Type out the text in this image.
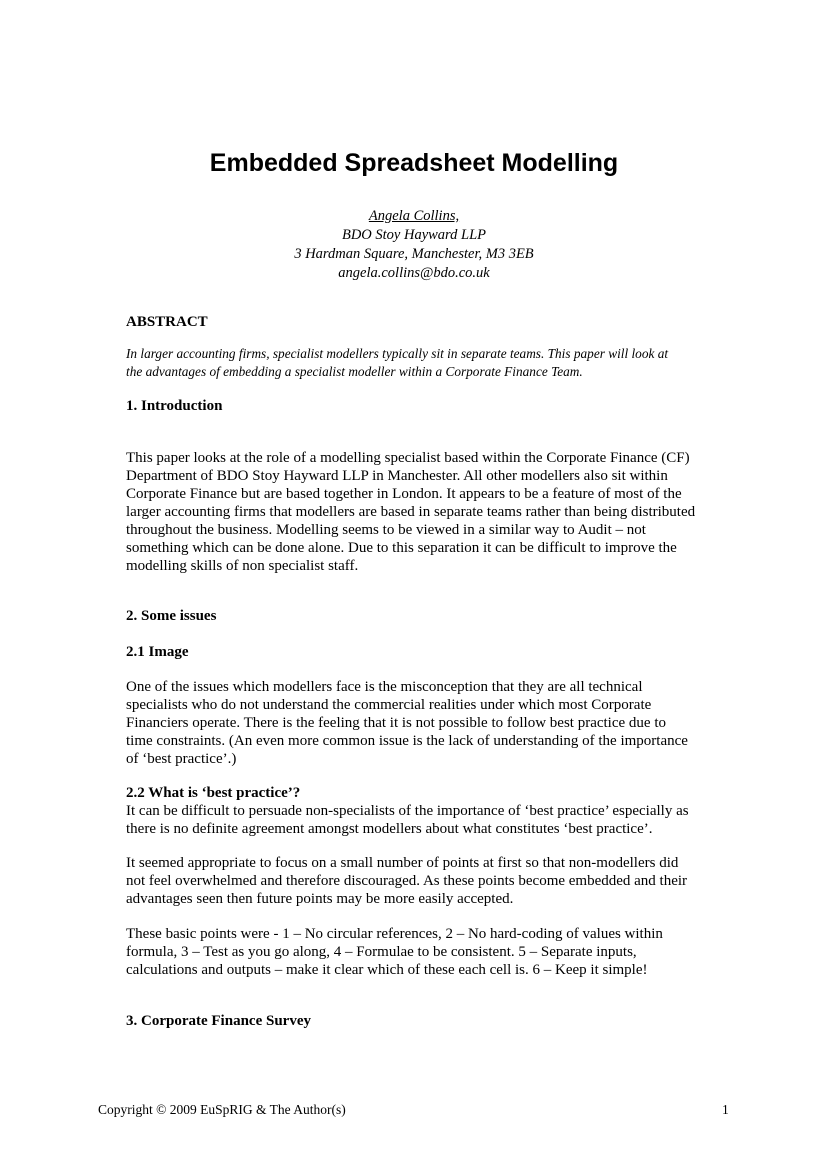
Embedded Spreadsheet Modelling
Angela Collins,
BDO Stoy Hayward LLP
3 Hardman Square, Manchester, M3 3EB
angela.collins@bdo.co.uk
ABSTRACT
In larger accounting firms, specialist modellers typically sit in separate teams. This paper will look at
the advantages of embedding a specialist modeller within a Corporate Finance Team.
1. Introduction
This paper looks at the role of a modelling specialist based within the Corporate Finance (CF)
Department of BDO Stoy Hayward LLP in Manchester. All other modellers also sit within
Corporate Finance but are based together in London. It appears to be a feature of most of the
larger accounting firms that modellers are based in separate teams rather than being distributed
throughout the business. Modelling seems to be viewed in a similar way to Audit – not
something which can be done alone. Due to this separation it can be difficult to improve the
modelling skills of non specialist staff.
2. Some issues
2.1 Image
One of the issues which modellers face is the misconception that they are all technical
specialists who do not understand the commercial realities under which most Corporate
Financiers operate. There is the feeling that it is not possible to follow best practice due to
time constraints. (An even more common issue is the lack of understanding of the importance
of ‘best practice’.)
2.2 What is ‘best practice’?
It can be difficult to persuade non-specialists of the importance of ‘best practice’ especially as
there is no definite agreement amongst modellers about what constitutes ‘best practice’.
It seemed appropriate to focus on a small number of points at first so that non-modellers did
not feel overwhelmed and therefore discouraged. As these points become embedded and their
advantages seen then future points may be more easily accepted.
These basic points were - 1 – No circular references, 2 – No hard-coding of values within
formula, 3 – Test as you go along, 4 – Formulae to be consistent. 5 – Separate inputs,
calculations and outputs – make it clear which of these each cell is. 6 – Keep it simple!
3. Corporate Finance Survey
Copyright © 2009 EuSpRIG & The Author(s)	1
